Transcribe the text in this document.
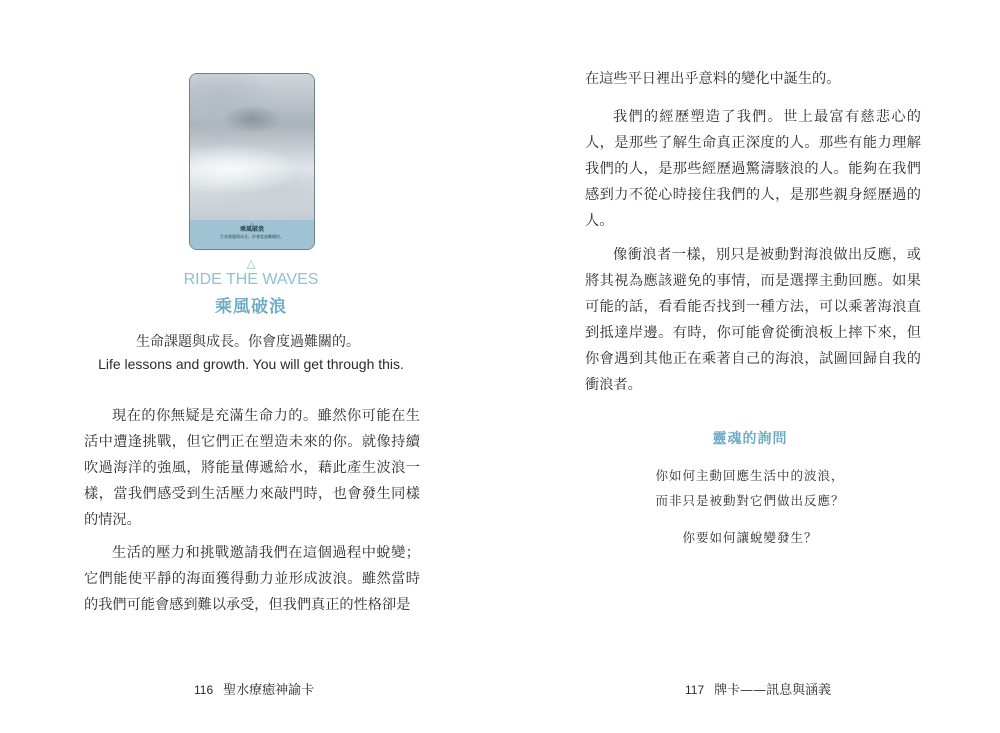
△
乘風破浪
生命課題與成長。你會度過難關的。
△
RIDE THE WAVES
乘風破浪
生命課題與成長。你會度過難關的。
Life lessons and growth. You will get through this.

現在的你無疑是充滿生命力的。雖然你可能在生活中遭逢挑戰，但它們正在塑造未來的你。就像持續吹過海洋的強風，將能量傳遞給水，藉此產生波浪一樣，當我們感受到生活壓力來敲門時，也會發生同樣的情況。

生活的壓力和挑戰邀請我們在這個過程中蛻變；它們能使平靜的海面獲得動力並形成波浪。雖然當時的我們可能會感到難以承受，但我們真正的性格卻是

116 聖水療癒神諭卡

在這些平日裡出乎意料的變化中誕生的。

我們的經歷塑造了我們。世上最富有慈悲心的人，是那些了解生命真正深度的人。那些有能力理解我們的人，是那些經歷過驚濤駭浪的人。能夠在我們感到力不從心時接住我們的人，是那些親身經歷過的人。

像衝浪者一樣，別只是被動對海浪做出反應，或將其視為應該避免的事情，而是選擇主動回應。如果可能的話，看看能否找到一種方法，可以乘著海浪直到抵達岸邊。有時，你可能會從衝浪板上摔下來，但你會遇到其他正在乘著自己的海浪，試圖回歸自我的衝浪者。

靈魂的詢問
你如何主動回應生活中的波浪，
而非只是被動對它們做出反應？
你要如何讓蛻變發生？
117 牌卡——訊息與涵義
